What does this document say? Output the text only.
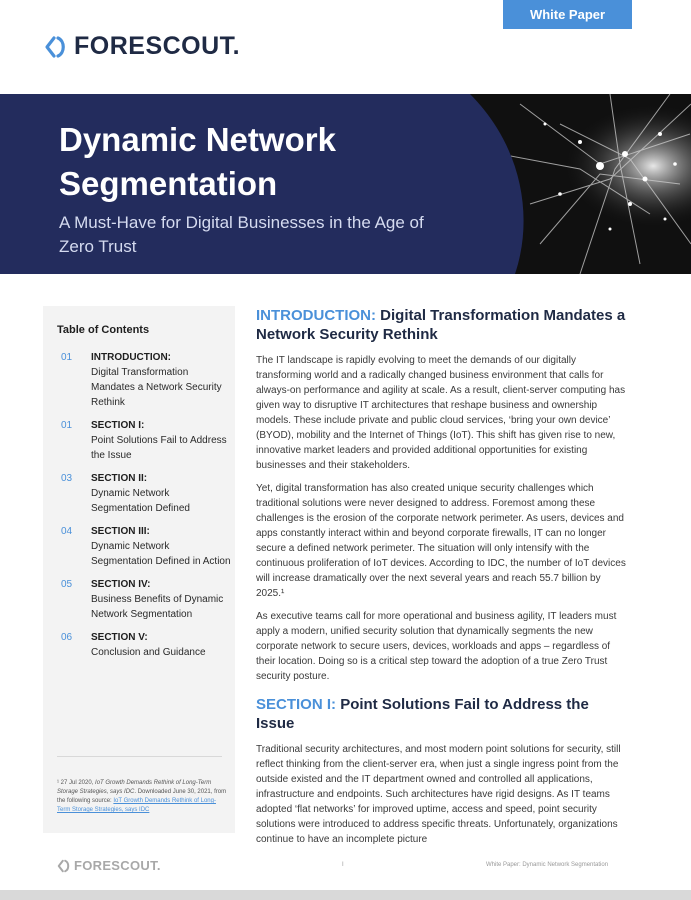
White Paper
FORESCOUT.
Dynamic Network Segmentation
A Must-Have for Digital Businesses in the Age of Zero Trust
Table of Contents
01	INTRODUCTION:
Digital Transformation Mandates a Network Security Rethink
01	SECTION I:
Point Solutions Fail to Address the Issue
03	SECTION II:
Dynamic Network Segmentation Defined
04	SECTION III:
Dynamic Network Segmentation Defined in Action
05	SECTION IV:
Business Benefits of Dynamic Network Segmentation
06	SECTION V:
Conclusion and Guidance
¹ 27 Jul 2020, IoT Growth Demands Rethink of Long-Term Storage Strategies, says IDC. Downloaded June 30, 2021, from the following source: IoT Growth Demands Rethink of Long-Term Storage Strategies, says IDC
INTRODUCTION: Digital Transformation Mandates a Network Security Rethink

The IT landscape is rapidly evolving to meet the demands of our digitally transforming world and a radically changed business environment that calls for always-on performance and agility at scale. As a result, client-server computing has given way to disruptive IT architectures that reshape business and ownership models. These include private and public cloud services, ‘bring your own device’ (BYOD), mobility and the Internet of Things (IoT). This shift has given rise to new, innovative market leaders and provided additional opportunities for existing businesses and their stakeholders.

Yet, digital transformation has also created unique security challenges which traditional solutions were never designed to address. Foremost among these challenges is the erosion of the corporate network perimeter. As users, devices and apps constantly interact within and beyond corporate firewalls, IT can no longer secure a defined network perimeter. The situation will only intensify with the continuous proliferation of IoT devices. According to IDC, the number of IoT devices will increase dramatically over the next several years and reach 55.7 billion by 2025.¹

As executive teams call for more operational and business agility, IT leaders must apply a modern, unified security solution that dynamically segments the new corporate network to secure users, devices, workloads and apps – regardless of their location. Doing so is a critical step toward the adoption of a true Zero Trust security posture.

SECTION I: Point Solutions Fail to Address the Issue

Traditional security architectures, and most modern point solutions for security, still reflect thinking from the client-server era, when just a single ingress point from the outside existed and the IT department owned and controlled all applications, infrastructure and endpoints. Such architectures have rigid designs. As IT teams adopted ‘flat networks’ for improved uptime, access and speed, point security solutions were introduced to address specific threats. Unfortunately, organizations continue to have an incomplete picture

FORESCOUT.	I	White Paper: Dynamic Network Segmentation
